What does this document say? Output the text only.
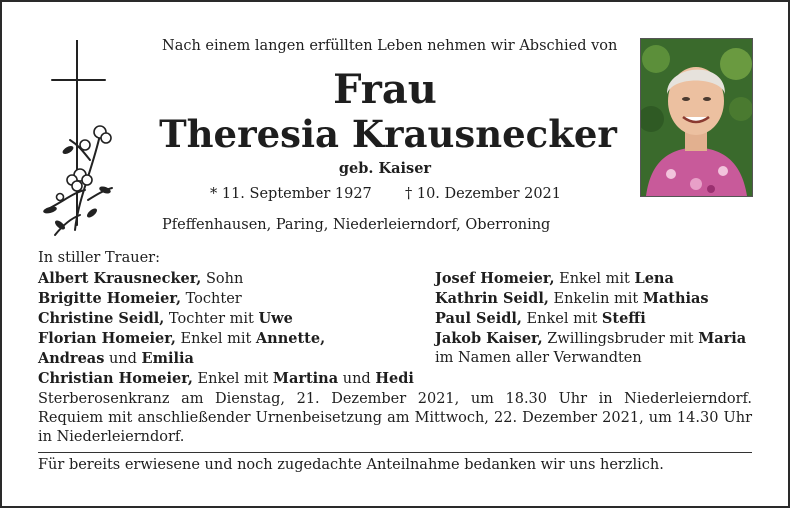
Nach einem langen erfüllten Leben nehmen wir Abschied von
Frau
Theresia Krausnecker
geb. Kaiser
* 11. September 1927 † 10. Dezember 2021
Pfeffenhausen, Paring, Niederleierndorf, Oberroning
In stiller Trauer:
Albert Krausnecker, Sohn
Brigitte Homeier, Tochter
Christine Seidl, Tochter mit Uwe
Florian Homeier, Enkel mit Annette,
Andreas und Emilia
Christian Homeier, Enkel mit Martina und Hedi
Josef Homeier, Enkel mit Lena
Kathrin Seidl, Enkelin mit Mathias
Paul Seidl, Enkel mit Steffi
Jakob Kaiser, Zwillingsbruder mit Maria
im Namen aller Verwandten
Sterberosenkranz am Dienstag, 21. Dezember 2021, um 18.30 Uhr in Niederleierndorf. Requiem mit anschließender Urnenbeisetzung am Mittwoch, 22. Dezember 2021, um 14.30 Uhr in Niederleierndorf.
Für bereits erwiesene und noch zugedachte Anteilnahme bedanken wir uns herzlich.
